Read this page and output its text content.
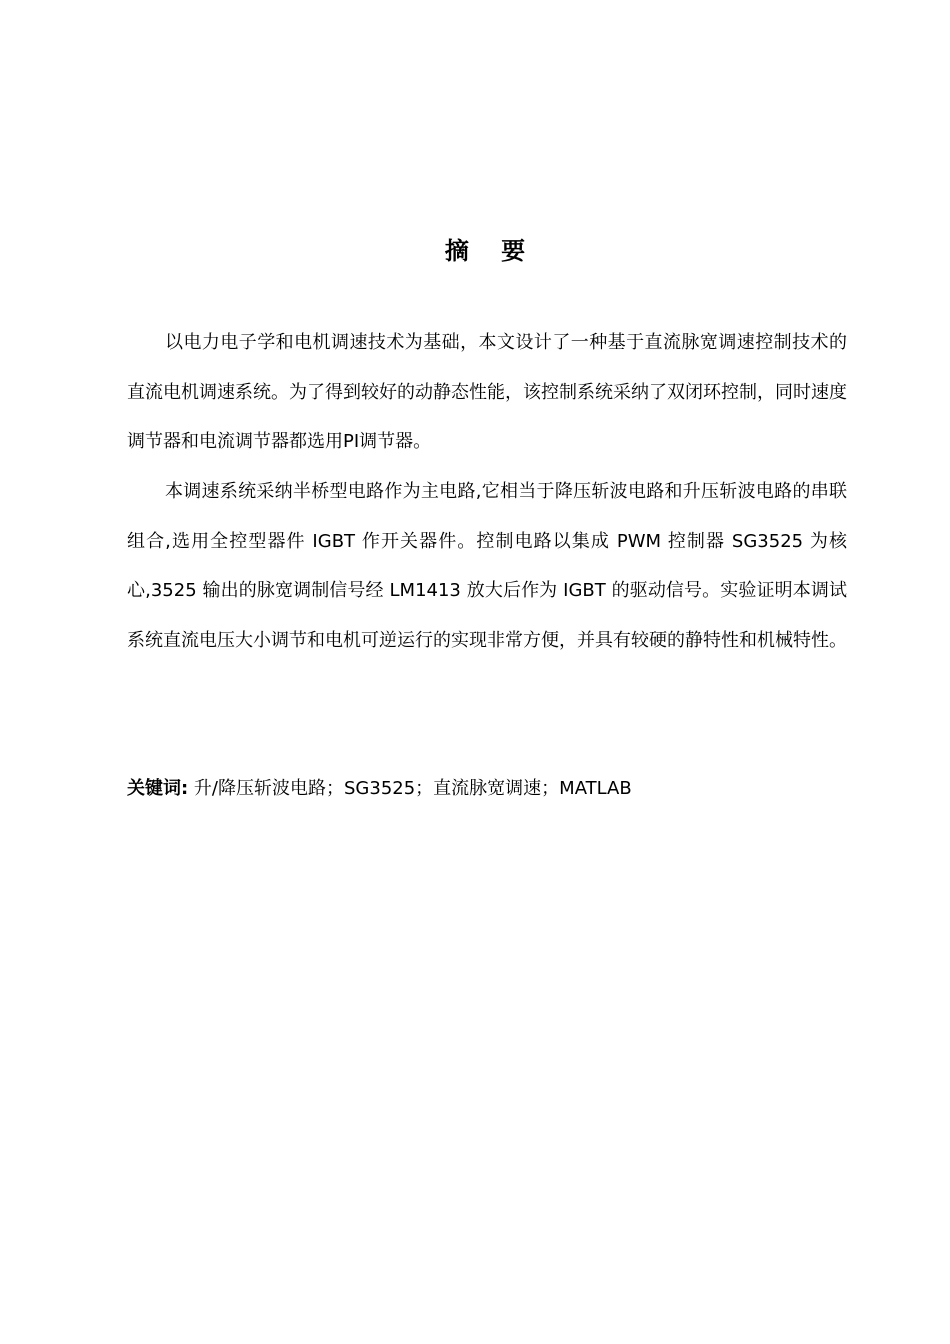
摘 要

以电力电子学和电机调速技术为基础，本文设计了一种基于直流脉宽调速控制技术的直流电机调速系统。为了得到较好的动静态性能，该控制系统采纳了双闭环控制，同时速度调节器和电流调节器都选用PI调节器。

本调速系统采纳半桥型电路作为主电路,它相当于降压斩波电路和升压斩波电路的串联组合,选用全控型器件 IGBT 作开关器件。控制电路以集成 PWM 控制器 SG3525 为核心,3525 输出的脉宽调制信号经 LM1413 放大后作为 IGBT 的驱动信号。实验证明本调试系统直流电压大小调节和电机可逆运行的实现非常方便，并具有较硬的静特性和机械特性。

关键词: 升/降压斩波电路；SG3525；直流脉宽调速；MATLAB
